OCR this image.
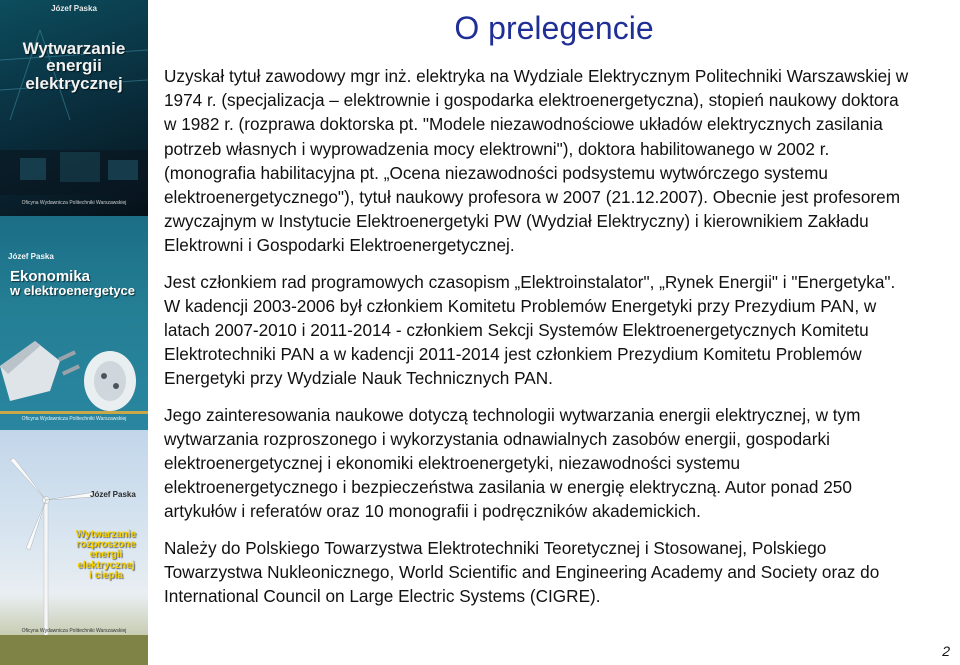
Józef Paska
Wytwarzanie
energii
elektrycznej
Oficyna Wydawnicza Politechniki Warszawskiej
Józef Paska
Ekonomika
w elektroenergetyce
Oficyna Wydawnicza Politechniki Warszawskiej
Józef Paska
Wytwarzanie
rozproszone
energii
elektrycznej
i ciepła
Oficyna Wydawnicza Politechniki Warszawskiej
O prelegencie

Uzyskał tytuł zawodowy mgr inż. elektryka na Wydziale Elektrycznym Politechniki Warszawskiej w 1974 r. (specjalizacja – elektrownie i gospodarka elektroenergetyczna), stopień naukowy doktora w 1982 r. (rozprawa doktorska pt. "Modele niezawodnościowe układów elektrycznych zasilania potrzeb własnych i wyprowadzenia mocy elektrowni"), doktora habilitowanego w 2002 r. (monografia habilitacyjna pt. „Ocena niezawodności podsystemu wytwórczego systemu elektroenergetycznego"), tytuł naukowy profesora w 2007 (21.12.2007). Obecnie jest profesorem zwyczajnym w Instytucie Elektroenergetyki PW (Wydział Elektryczny) i kierownikiem Zakładu Elektrowni i Gospodarki Elektroenergetycznej.

Jest członkiem rad programowych czasopism „Elektroinstalator", „Rynek Energii" i "Energetyka". W kadencji 2003-2006 był członkiem Komitetu Problemów Energetyki przy Prezydium PAN, w latach 2007-2010 i 2011-2014 - członkiem Sekcji Systemów Elektroenergetycznych Komitetu Elektrotechniki PAN a w kadencji 2011-2014 jest członkiem Prezydium Komitetu Problemów Energetyki przy Wydziale Nauk Technicznych PAN.

Jego zainteresowania naukowe dotyczą technologii wytwarzania energii elektrycznej, w tym wytwarzania rozproszonego i wykorzystania odnawialnych zasobów energii, gospodarki elektroenergetycznej i ekonomiki elektroenergetyki, niezawodności systemu elektroenergetycznego i bezpieczeństwa zasilania w energię elektryczną. Autor ponad 250 artykułów i referatów oraz 10 monografii i podręczników akademickich.

Należy do Polskiego Towarzystwa Elektrotechniki Teoretycznej i Stosowanej, Polskiego Towarzystwa Nukleonicznego, World Scientific and Engineering Academy and Society oraz do International Council on Large Electric Systems (CIGRE).

2
